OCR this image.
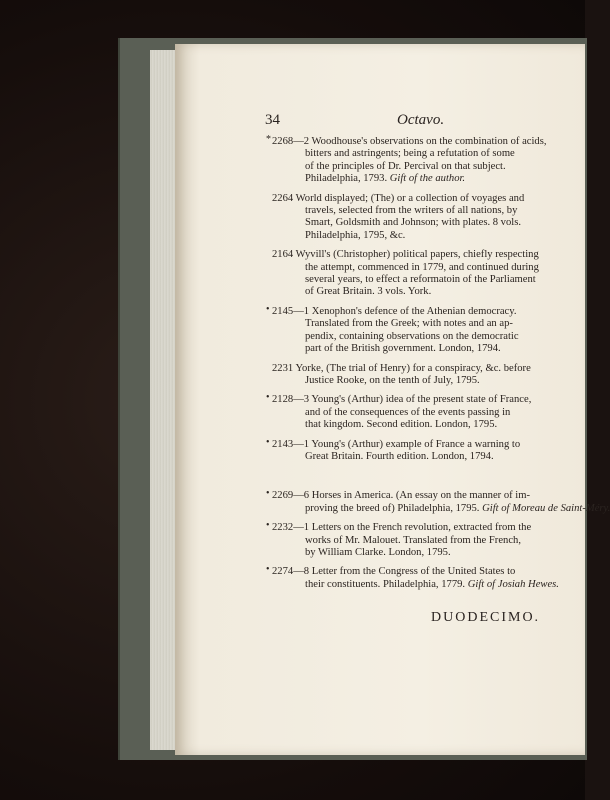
34	Octavo.
* 2268—2 Woodhouse's observations on the combination of acids,
bitters and astringents; being a refutation of some
of the principles of Dr. Percival on that subject.
Philadelphia, 1793. Gift of the author.
2264 World displayed; (The) or a collection of voyages and
travels, selected from the writers of all nations, by
Smart, Goldsmith and Johnson; with plates. 8 vols.
Philadelphia, 1795, &c.
2164 Wyvill's (Christopher) political papers, chiefly respecting
the attempt, commenced in 1779, and continued during
several years, to effect a reformatoin of the Parliament
of Great Britain. 3 vols. York.
• 2145—1 Xenophon's defence of the Athenian democracy.
Translated from the Greek; with notes and an ap-
pendix, containing observations on the democratic
part of the British government. London, 1794.
2231 Yorke, (The trial of Henry) for a conspiracy, &c. before
Justice Rooke, on the tenth of July, 1795.
• 2128—3 Young's (Arthur) idea of the present state of France,
and of the consequences of the events passing in
that kingdom. Second edition. London, 1795.
• 2143—1 Young's (Arthur) example of France a warning to
Great Britain. Fourth edition. London, 1794.
• 2269—6 Horses in America. (An essay on the manner of im-
proving the breed of) Philadelphia, 1795. Gift of Moreau de Saint-Méry.
• 2232—1 Letters on the French revolution, extracted from the
works of Mr. Malouet. Translated from the French,
by William Clarke. London, 1795.
• 2274—8 Letter from the Congress of the United States to
their constituents. Philadelphia, 1779. Gift of Josiah Hewes.
DUODECIMO.
